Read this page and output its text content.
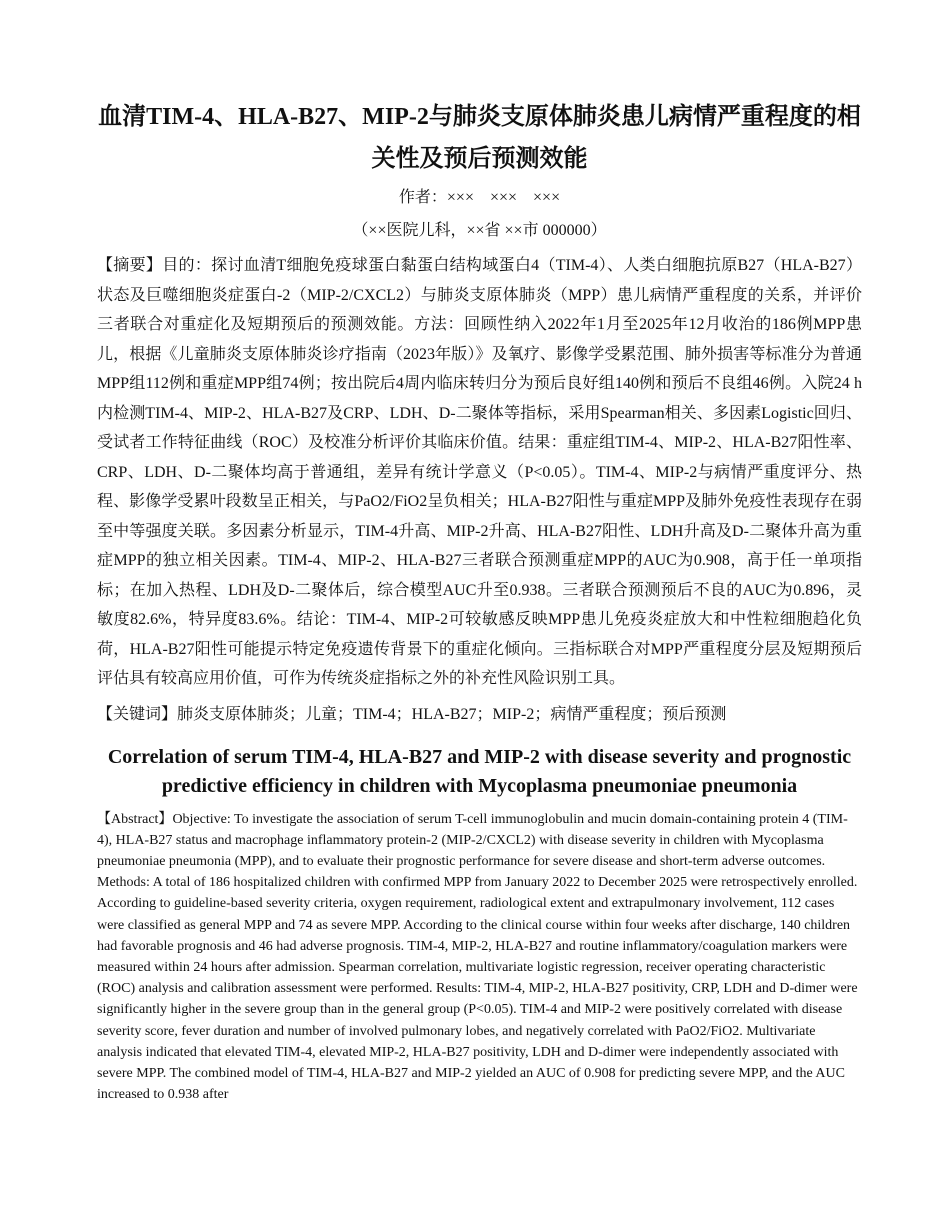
血清TIM-4、HLA-B27、MIP-2与肺炎支原体肺炎患儿病情严重程度的相关性及预后预测效能
作者：×××　×××　×××
（××医院儿科，××省 ××市 000000）

【摘要】目的：探讨血清T细胞免疫球蛋白黏蛋白结构域蛋白4（TIM-4）、人类白细胞抗原B27（HLA-B27）状态及巨噬细胞炎症蛋白-2（MIP-2/CXCL2）与肺炎支原体肺炎（MPP）患儿病情严重程度的关系，并评价三者联合对重症化及短期预后的预测效能。方法：回顾性纳入2022年1月至2025年12月收治的186例MPP患儿，根据《儿童肺炎支原体肺炎诊疗指南（2023年版）》及氧疗、影像学受累范围、肺外损害等标准分为普通MPP组112例和重症MPP组74例；按出院后4周内临床转归分为预后良好组140例和预后不良组46例。入院24 h内检测TIM-4、MIP-2、HLA-B27及CRP、LDH、D-二聚体等指标，采用Spearman相关、多因素Logistic回归、受试者工作特征曲线（ROC）及校准分析评价其临床价值。结果：重症组TIM-4、MIP-2、HLA-B27阳性率、CRP、LDH、D-二聚体均高于普通组，差异有统计学意义（P<0.05）。TIM-4、MIP-2与病情严重度评分、热程、影像学受累叶段数呈正相关，与PaO2/FiO2呈负相关；HLA-B27阳性与重症MPP及肺外免疫性表现存在弱至中等强度关联。多因素分析显示，TIM-4升高、MIP-2升高、HLA-B27阳性、LDH升高及D-二聚体升高为重症MPP的独立相关因素。TIM-4、MIP-2、HLA-B27三者联合预测重症MPP的AUC为0.908，高于任一单项指标；在加入热程、LDH及D-二聚体后，综合模型AUC升至0.938。三者联合预测预后不良的AUC为0.896，灵敏度82.6%，特异度83.6%。结论：TIM-4、MIP-2可较敏感反映MPP患儿免疫炎症放大和中性粒细胞趋化负荷，HLA-B27阳性可能提示特定免疫遗传背景下的重症化倾向。三指标联合对MPP严重程度分层及短期预后评估具有较高应用价值，可作为传统炎症指标之外的补充性风险识别工具。

【关键词】肺炎支原体肺炎；儿童；TIM-4；HLA-B27；MIP-2；病情严重程度；预后预测

Correlation of serum TIM-4, HLA-B27 and MIP-2 with disease severity and prognostic predictive efficiency in children with Mycoplasma pneumoniae pneumonia

【Abstract】Objective: To investigate the association of serum T-cell immunoglobulin and mucin domain-containing protein 4 (TIM-4), HLA-B27 status and macrophage inflammatory protein-2 (MIP-2/CXCL2) with disease severity in children with Mycoplasma pneumoniae pneumonia (MPP), and to evaluate their prognostic performance for severe disease and short-term adverse outcomes. Methods: A total of 186 hospitalized children with confirmed MPP from January 2022 to December 2025 were retrospectively enrolled. According to guideline-based severity criteria, oxygen requirement, radiological extent and extrapulmonary involvement, 112 cases were classified as general MPP and 74 as severe MPP. According to the clinical course within four weeks after discharge, 140 children had favorable prognosis and 46 had adverse prognosis. TIM-4, MIP-2, HLA-B27 and routine inflammatory/coagulation markers were measured within 24 hours after admission. Spearman correlation, multivariate logistic regression, receiver operating characteristic (ROC) analysis and calibration assessment were performed. Results: TIM-4, MIP-2, HLA-B27 positivity, CRP, LDH and D-dimer were significantly higher in the severe group than in the general group (P<0.05). TIM-4 and MIP-2 were positively correlated with disease severity score, fever duration and number of involved pulmonary lobes, and negatively correlated with PaO2/FiO2. Multivariate analysis indicated that elevated TIM-4, elevated MIP-2, HLA-B27 positivity, LDH and D-dimer were independently associated with severe MPP. The combined model of TIM-4, HLA-B27 and MIP-2 yielded an AUC of 0.908 for predicting severe MPP, and the AUC increased to 0.938 after
